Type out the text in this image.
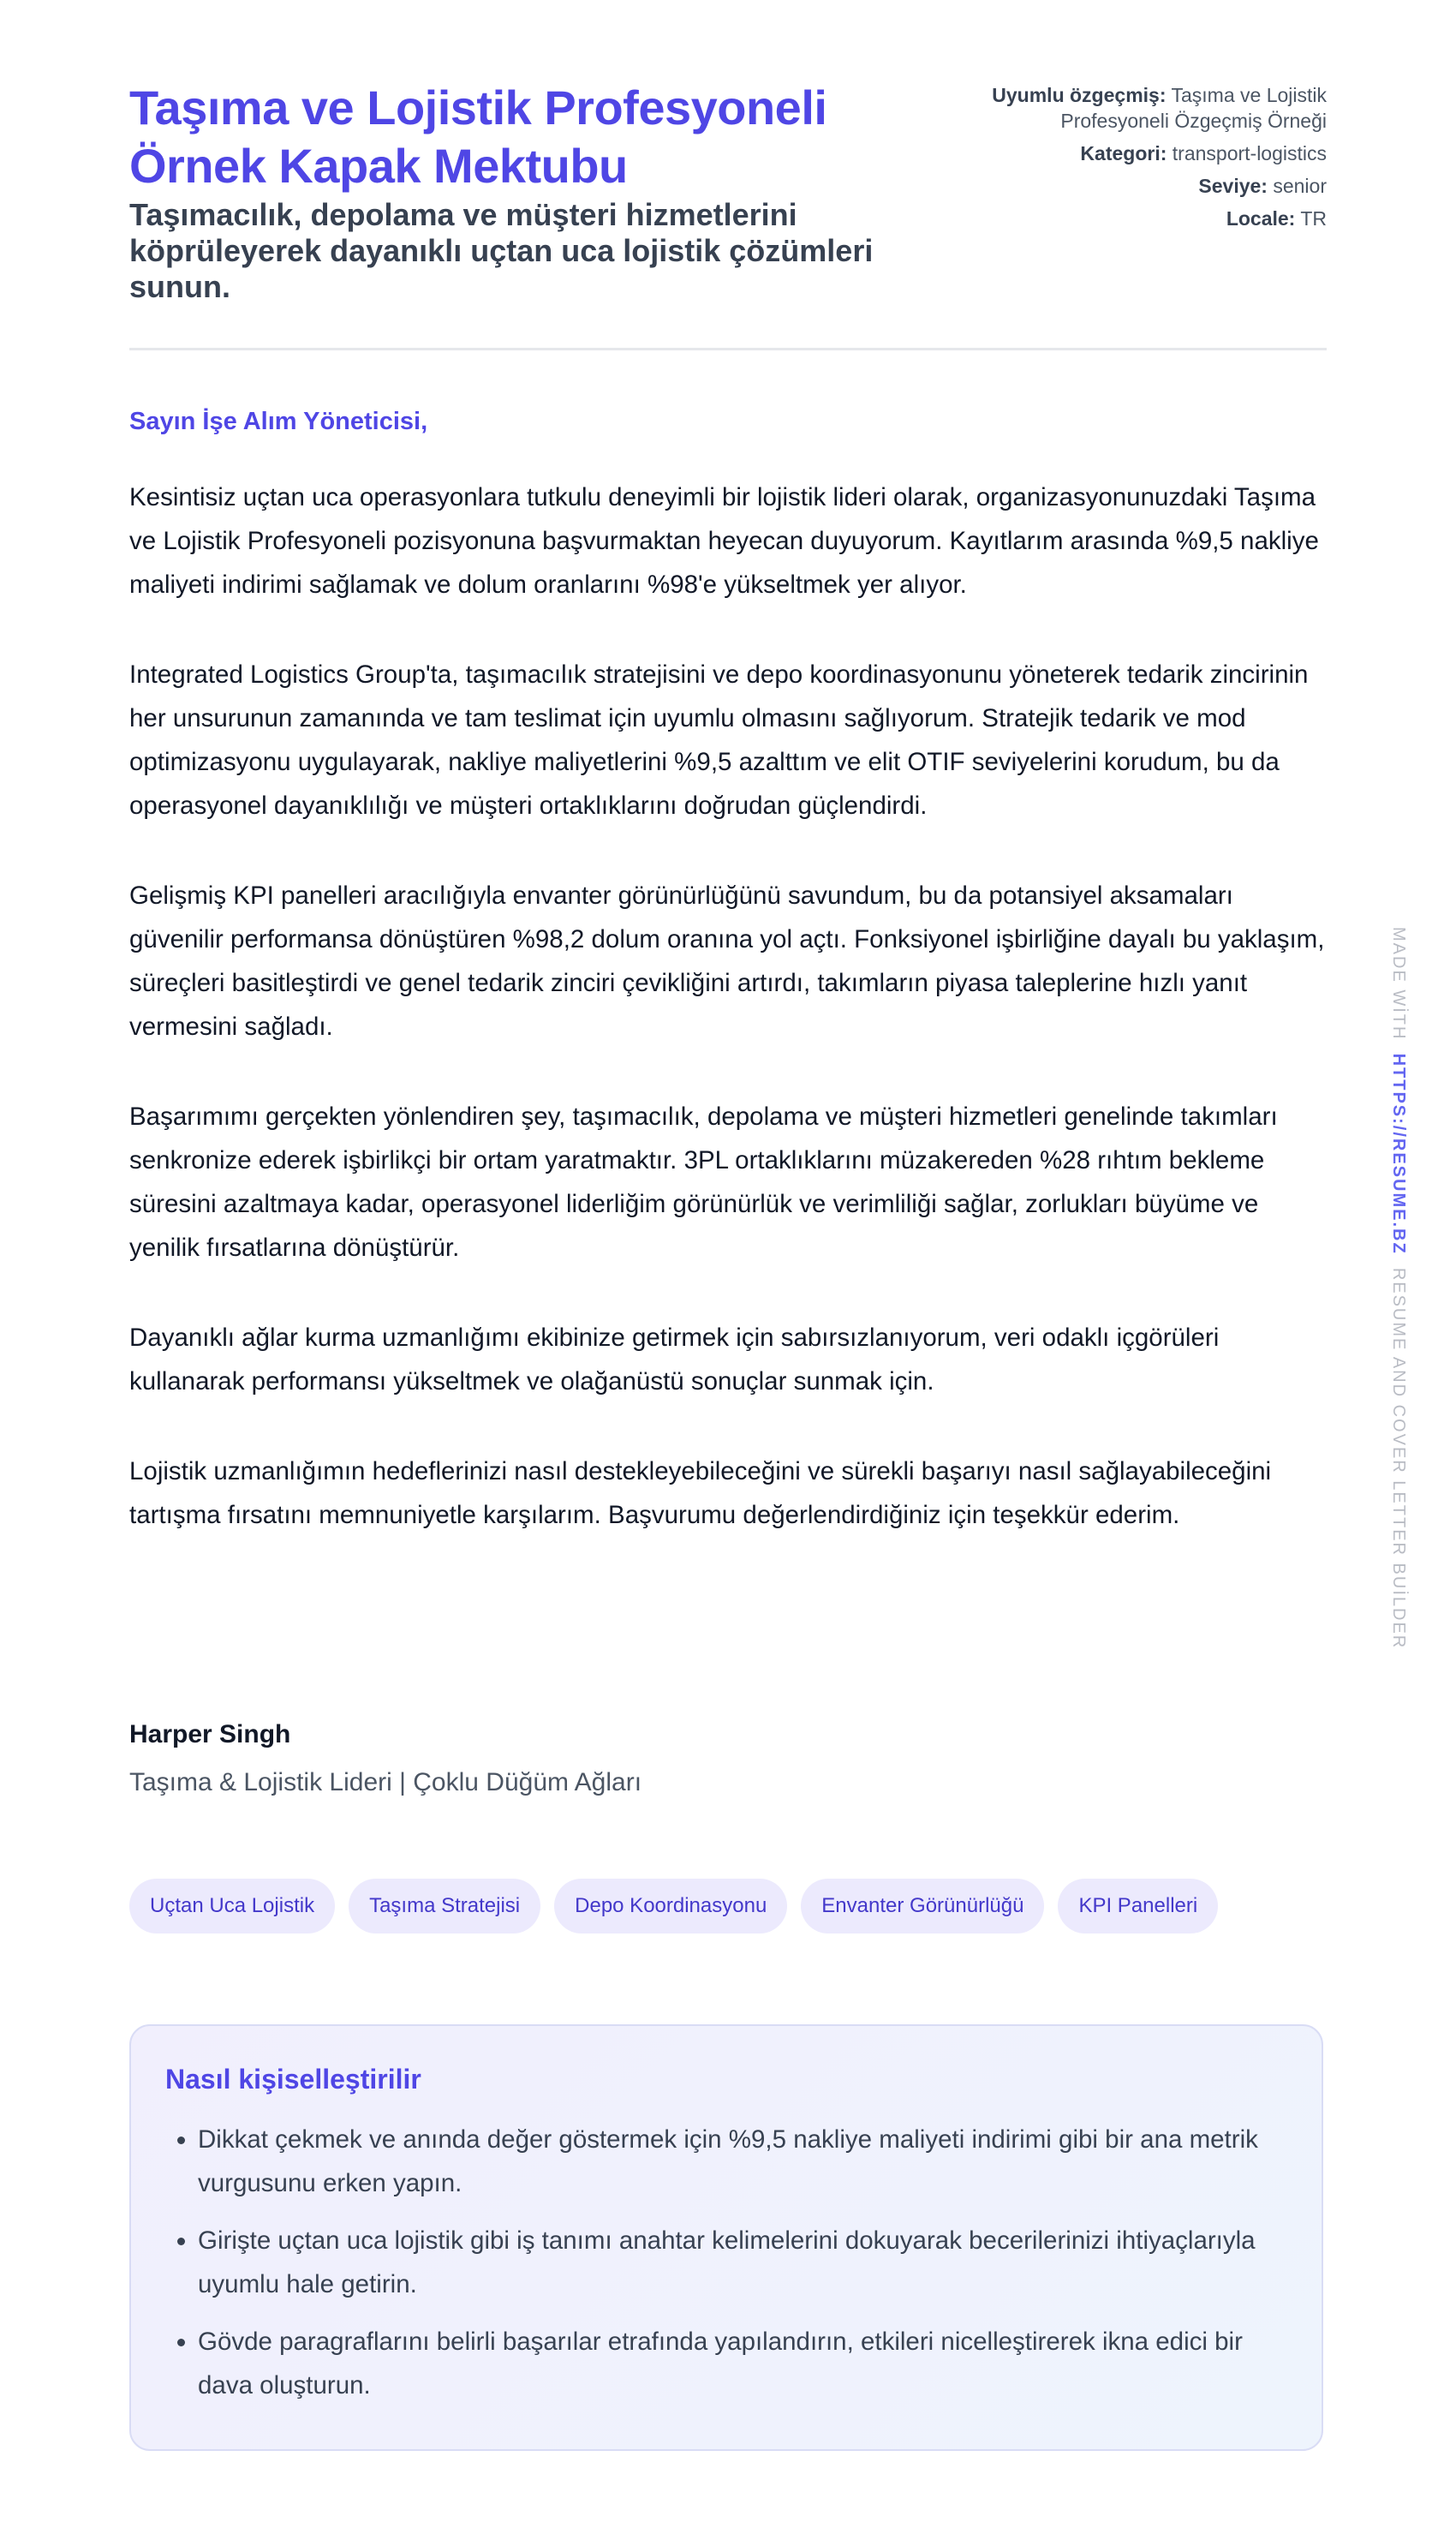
Taşıma ve Lojistik Profesyoneli Örnek Kapak Mektubu
Taşımacılık, depolama ve müşteri hizmetlerini köprüleyerek dayanıklı uçtan uca lojistik çözümleri sunun.
Uyumlu özgeçmiş: Taşıma ve Lojistik Profesyoneli Özgeçmiş Örneği
Kategori: transport-logistics
Seviye: senior
Locale: TR
Sayın İşe Alım Yöneticisi,

Kesintisiz uçtan uca operasyonlara tutkulu deneyimli bir lojistik lideri olarak, organizasyonunuzdaki Taşıma ve Lojistik Profesyoneli pozisyonuna başvurmaktan heyecan duyuyorum. Kayıtlarım arasında %9,5 nakliye maliyeti indirimi sağlamak ve dolum oranlarını %98'e yükseltmek yer alıyor.

Integrated Logistics Group'ta, taşımacılık stratejisini ve depo koordinasyonunu yöneterek tedarik zincirinin her unsurunun zamanında ve tam teslimat için uyumlu olmasını sağlıyorum. Stratejik tedarik ve mod optimizasyonu uygulayarak, nakliye maliyetlerini %9,5 azalttım ve elit OTIF seviyelerini korudum, bu da operasyonel dayanıklılığı ve müşteri ortaklıklarını doğrudan güçlendirdi.

Gelişmiş KPI panelleri aracılığıyla envanter görünürlüğünü savundum, bu da potansiyel aksamaları güvenilir performansa dönüştüren %98,2 dolum oranına yol açtı. Fonksiyonel işbirliğine dayalı bu yaklaşım, süreçleri basitleştirdi ve genel tedarik zinciri çevikliğini artırdı, takımların piyasa taleplerine hızlı yanıt vermesini sağladı.

Başarımımı gerçekten yönlendiren şey, taşımacılık, depolama ve müşteri hizmetleri genelinde takımları senkronize ederek işbirlikçi bir ortam yaratmaktır. 3PL ortaklıklarını müzakereden %28 rıhtım bekleme süresini azaltmaya kadar, operasyonel liderliğim görünürlük ve verimliliği sağlar, zorlukları büyüme ve yenilik fırsatlarına dönüştürür.

Dayanıklı ağlar kurma uzmanlığımı ekibinize getirmek için sabırsızlanıyorum, veri odaklı içgörüleri kullanarak performansı yükseltmek ve olağanüstü sonuçlar sunmak için.

Lojistik uzmanlığımın hedeflerinizi nasıl destekleyebileceğini ve sürekli başarıyı nasıl sağlayabileceğini tartışma fırsatını memnuniyetle karşılarım. Başvurumu değerlendirdiğiniz için teşekkür ederim.

Harper Singh
Taşıma & Lojistik Lideri | Çoklu Düğüm Ağları
Uçtan Uca Lojistik	Taşıma Stratejisi	Depo Koordinasyonu	Envanter Görünürlüğü	KPI Panelleri
Nasıl kişiselleştirilir
• Dikkat çekmek ve anında değer göstermek için %9,5 nakliye maliyeti indirimi gibi bir ana metrik vurgusunu erken yapın.
• Girişte uçtan uca lojistik gibi iş tanımı anahtar kelimelerini dokuyarak becerilerinizi ihtiyaçlarıyla uyumlu hale getirin.
• Gövde paragraflarını belirli başarılar etrafında yapılandırın, etkileri nicelleştirerek ikna edici bir dava oluşturun.
MADE WİTH  HTTPS://RESUME.BZ  RESUME AND COVER LETTER BUİLDER
